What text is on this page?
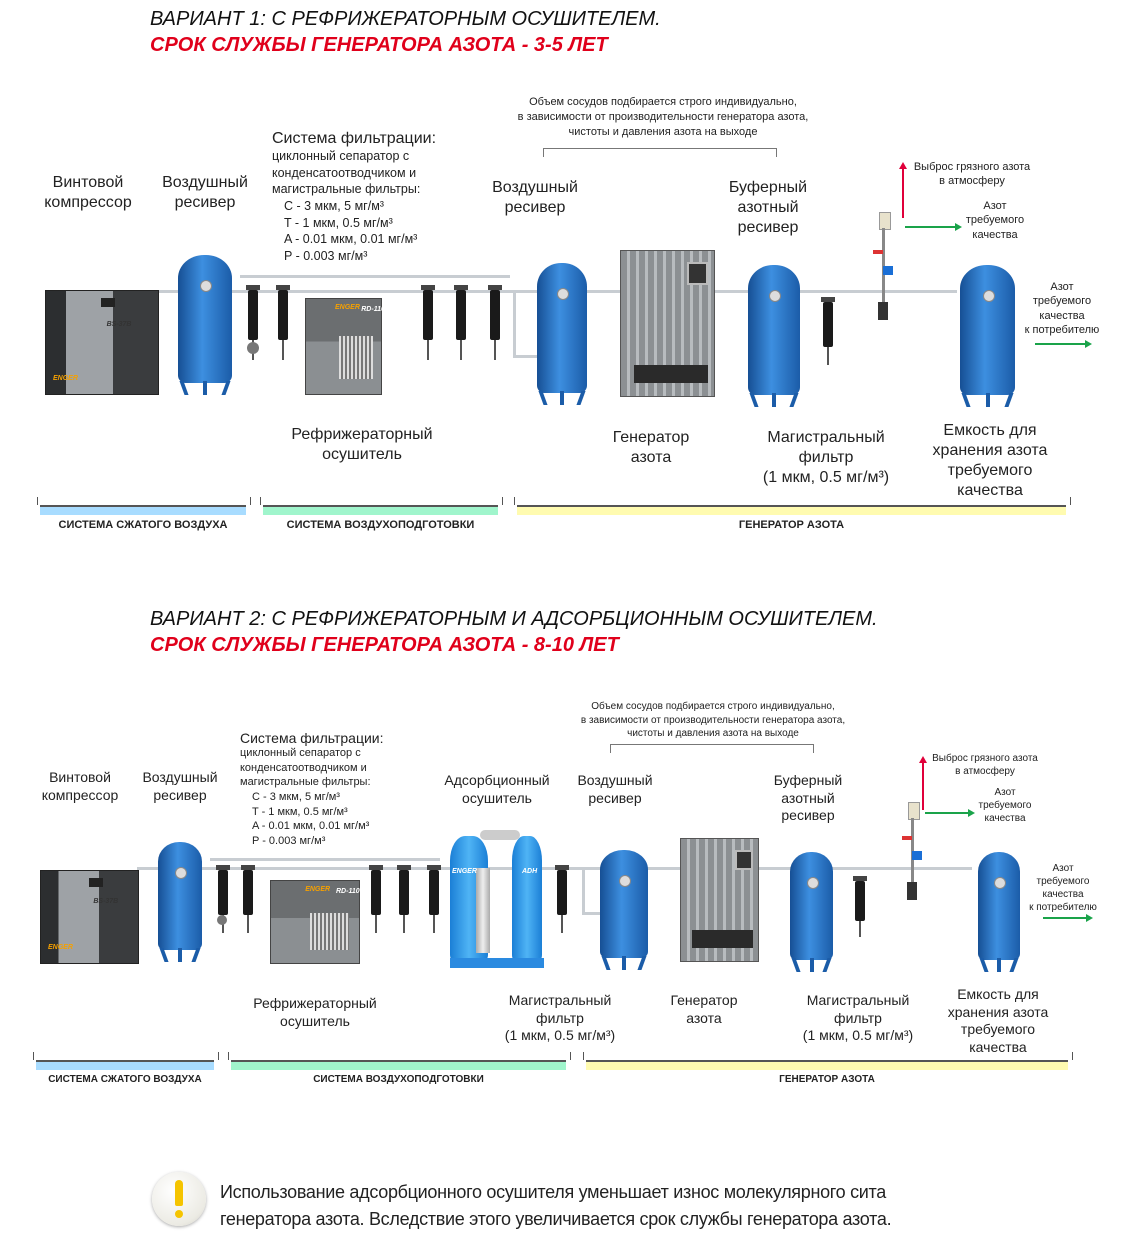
ВАРИАНТ 1: С РЕФРИЖЕРАТОРНЫМ ОСУШИТЕЛЕМ.
СРОК СЛУЖБЫ ГЕНЕРАТОРА АЗОТА - 3-5 ЛЕТ
BS-37B
ENGER
ENGER RD-110
Винтовой
компрессор
Воздушный
ресивер
Система фильтрации:
циклонный сепаратор с
конденсатоотводчиком и
магистральные фильтры:
C - 3 мкм, 5 мг/м³
T - 1 мкм, 0.5 мг/м³
A - 0.01 мкм, 0.01 мг/м³
P - 0.003 мг/м³
Объем сосудов подбирается строго индивидуально,
в зависимости от производительности генератора азота,
чистоты и давления азота на выходе
Воздушный
ресивер
Буферный
азотный
ресивер
Выброс грязного азота
в атмосферу
Азот
требуемого
качества
Азот
требуемого
качества
к потребителю
Рефрижераторный
осушитель
Генератор
азота
Магистральный
фильтр
(1 мкм, 0.5 мг/м³)
Емкость для
хранения азота
требуемого
качества
СИСТЕМА СЖАТОГО ВОЗДУХА	СИСТЕМА ВОЗДУХОПОДГОТОВКИ	ГЕНЕРАТОР АЗОТА
ВАРИАНТ 2: С РЕФРИЖЕРАТОРНЫМ И АДСОРБЦИОННЫМ ОСУШИТЕЛЕМ.
СРОК СЛУЖБЫ ГЕНЕРАТОРА АЗОТА - 8-10 ЛЕТ
BS-37B
ENGER
ENGER RD-110
ENGER	ADH
Винтовой
компрессор
Воздушный
ресивер
Система фильтрации:
циклонный сепаратор с
конденсатоотводчиком и
магистральные фильтры:
C - 3 мкм, 5 мг/м³
T - 1 мкм, 0.5 мг/м³
A - 0.01 мкм, 0.01 мг/м³
P - 0.003 мг/м³
Объем сосудов подбирается строго индивидуально,
в зависимости от производительности генератора азота,
чистоты и давления азота на выходе
Адсорбционный
осушитель
Воздушный
ресивер
Буферный
азотный
ресивер
Выброс грязного азота
в атмосферу
Азот
требуемого
качества
Азот
требуемого
качества
к потребителю
Рефрижераторный
осушитель
Магистральный
фильтр
(1 мкм, 0.5 мг/м³)
Генератор
азота
Магистральный
фильтр
(1 мкм, 0.5 мг/м³)
Емкость для
хранения азота
требуемого
качества
СИСТЕМА СЖАТОГО ВОЗДУХА	СИСТЕМА ВОЗДУХОПОДГОТОВКИ	ГЕНЕРАТОР АЗОТА
Использование адсорбционного осушителя уменьшает износ молекулярного сита
генератора азота. Вследствие этого увеличивается срок службы генератора азота.
